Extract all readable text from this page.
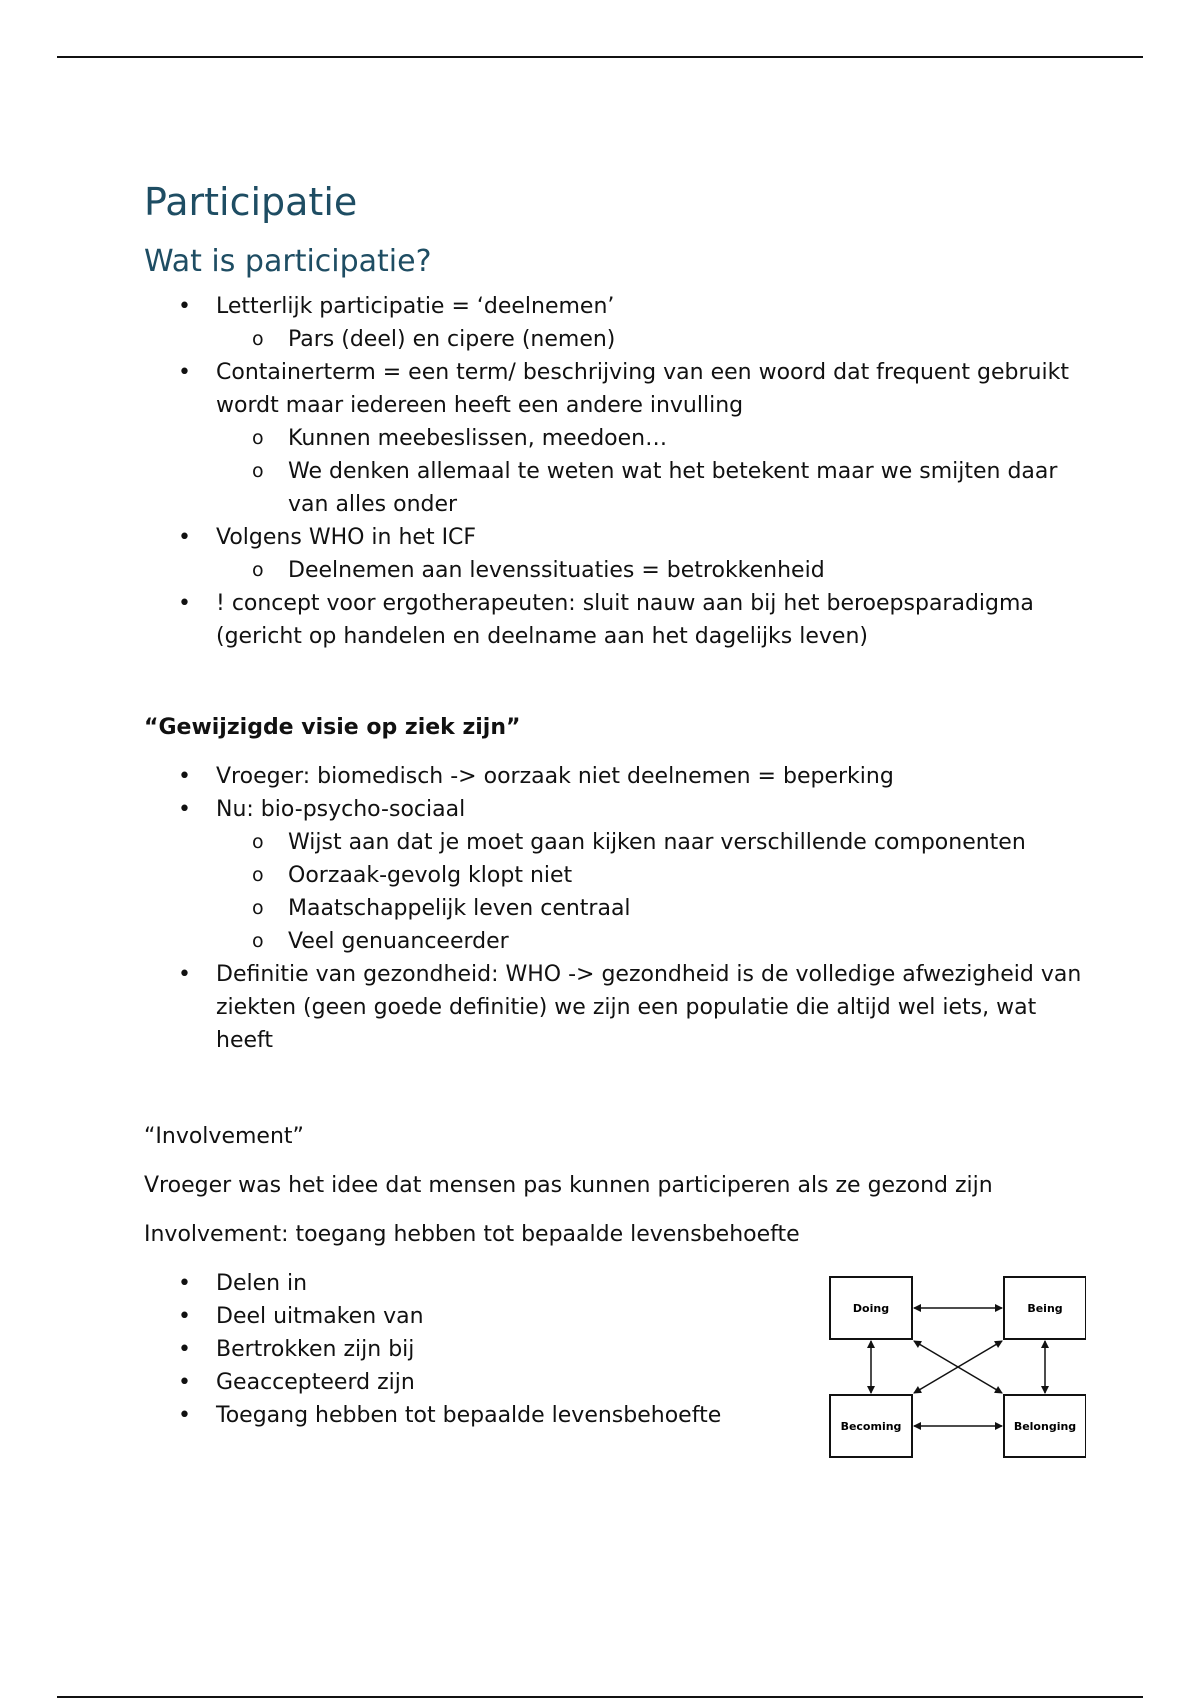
Participatie
Wat is participatie?
• Letterlijk participatie = ‘deelnemen’
o Pars (deel) en cipere (nemen)
• Containerterm = een term/ beschrijving van een woord dat frequent gebruikt wordt maar iedereen heeft een andere invulling
o Kunnen meebeslissen, meedoen…
o We denken allemaal te weten wat het betekent maar we smijten daar van alles onder
• Volgens WHO in het ICF
o Deelnemen aan levenssituaties = betrokkenheid
• ! concept voor ergotherapeuten: sluit nauw aan bij het beroepsparadigma (gericht op handelen en deelname aan het dagelijks leven)
“Gewijzigde visie op ziek zijn”
• Vroeger: biomedisch -> oorzaak niet deelnemen = beperking
• Nu: bio-psycho-sociaal
o Wijst aan dat je moet gaan kijken naar verschillende componenten
o Oorzaak-gevolg klopt niet
o Maatschappelijk leven centraal
o Veel genuanceerder
• Definitie van gezondheid: WHO -> gezondheid is de volledige afwezigheid van ziekten (geen goede definitie) we zijn een populatie die altijd wel iets, wat heeft
“Involvement”
Vroeger was het idee dat mensen pas kunnen participeren als ze gezond zijn
Involvement: toegang hebben tot bepaalde levensbehoefte
• Delen in
• Deel uitmaken van
• Bertrokken zijn bij
• Geaccepteerd zijn
• Toegang hebben tot bepaalde levensbehoefte
Doing	Being
Becoming	Belonging
